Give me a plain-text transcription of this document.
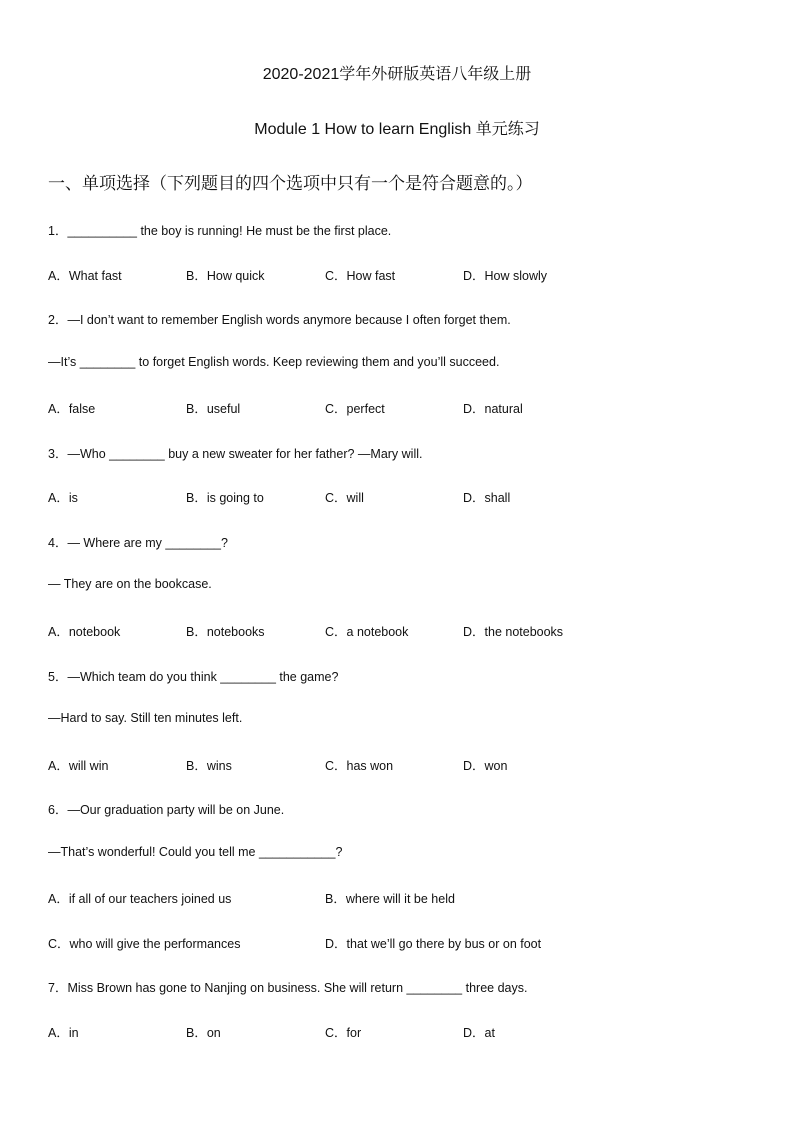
2020-2021学年外研版英语八年级上册
Module 1 How to learn English 单元练习
一、单项选择（下列题目的四个选项中只有一个是符合题意的。）
1．__________ the boy is running! He must be the first place.
A．What fast	B．How quick	C．How fast	D．How slowly
2．—I don’t want to remember English words anymore because I often forget them.
—It’s ________ to forget English words. Keep reviewing them and you’ll succeed.
A．false	B．useful	C．perfect	D．natural
3．—Who ________ buy a new sweater for her father? —Mary will.
A．is	B．is going to	C．will	D．shall
4．— Where are my ________?
— They are on the bookcase.
A．notebook	B．notebooks	C．a notebook	D．the notebooks
5．—Which team do you think ________ the game?
—Hard to say. Still ten minutes left.
A．will win	B．wins	C．has won	D．won
6．—Our graduation party will be on June.
—That’s wonderful! Could you tell me ___________?
A．if all of our teachers joined us	B．where will it be held
C．who will give the performances	D．that we’ll go there by bus or on foot
7．Miss Brown has gone to Nanjing on business. She will return ________ three days.
A．in	B．on	C．for	D．at
